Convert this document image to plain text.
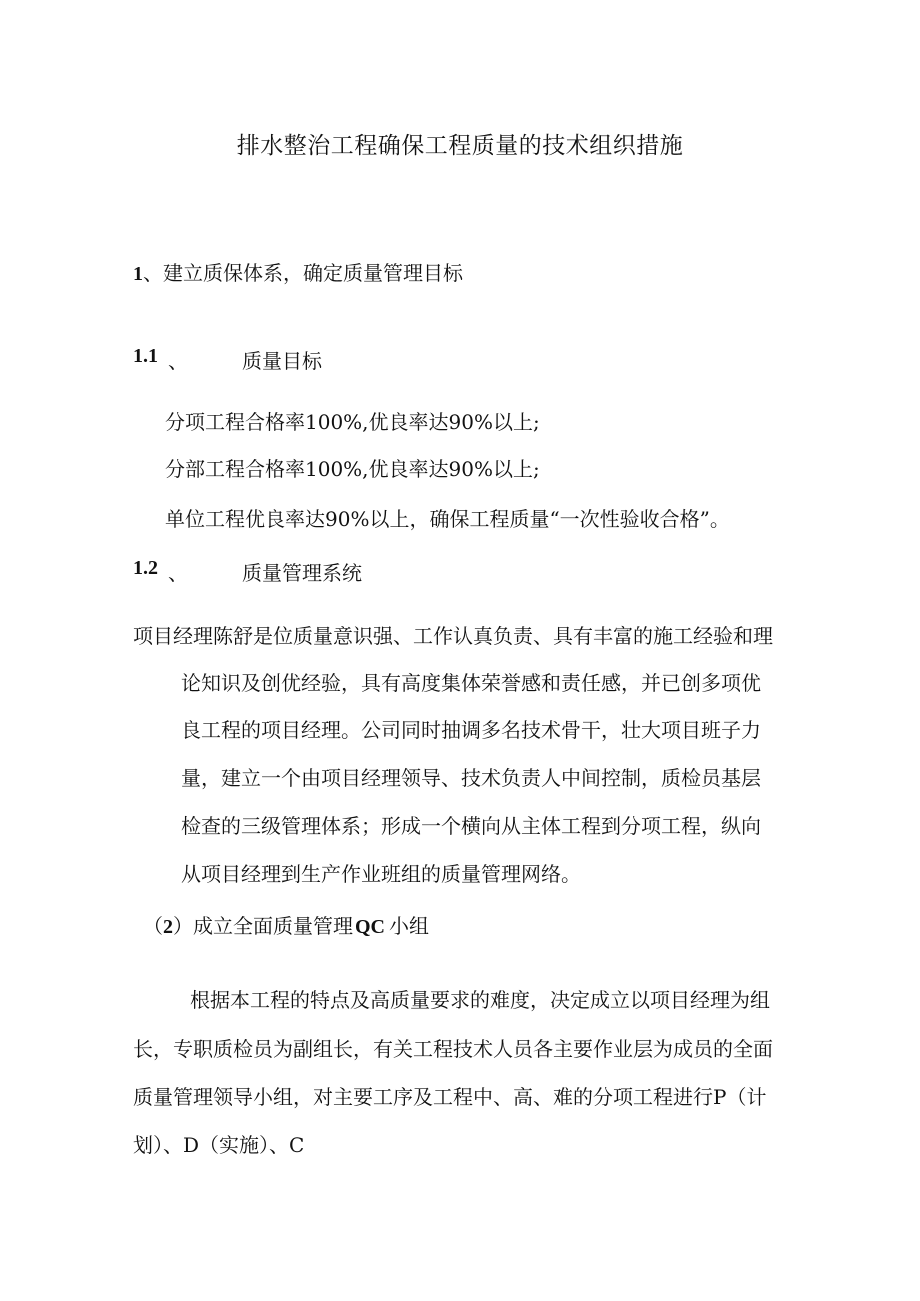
排水整治工程确保工程质量的技术组织措施
1、建立质保体系，确定质量管理目标
1.1 、	质量目标
分项工程合格率100%,优良率达90%以上;
分部工程合格率100%,优良率达90%以上;
单位工程优良率达90%以上，确保工程质量“一次性验收合格”。
1.2 、	质量管理系统
项目经理陈舒是位质量意识强、工作认真负责、具有丰富的施工经验和理
论知识及创优经验，具有高度集体荣誉感和责任感，并已创多项优
良工程的项目经理。公司同时抽调多名技术骨干，壮大项目班子力
量，建立一个由项目经理领导、技术负责人中间控制，质检员基层
检查的三级管理体系；形成一个横向从主体工程到分项工程，纵向
从项目经理到生产作业班组的质量管理网络。
（2）成立全面质量管理 QC 小组
根据本工程的特点及高质量要求的难度，决定成立以项目经理为组
长，专职质检员为副组长，有关工程技术人员各主要作业层为成员的全面
质量管理领导小组，对主要工序及工程中、高、难的分项工程进行P（计
划）、D（实施）、C
